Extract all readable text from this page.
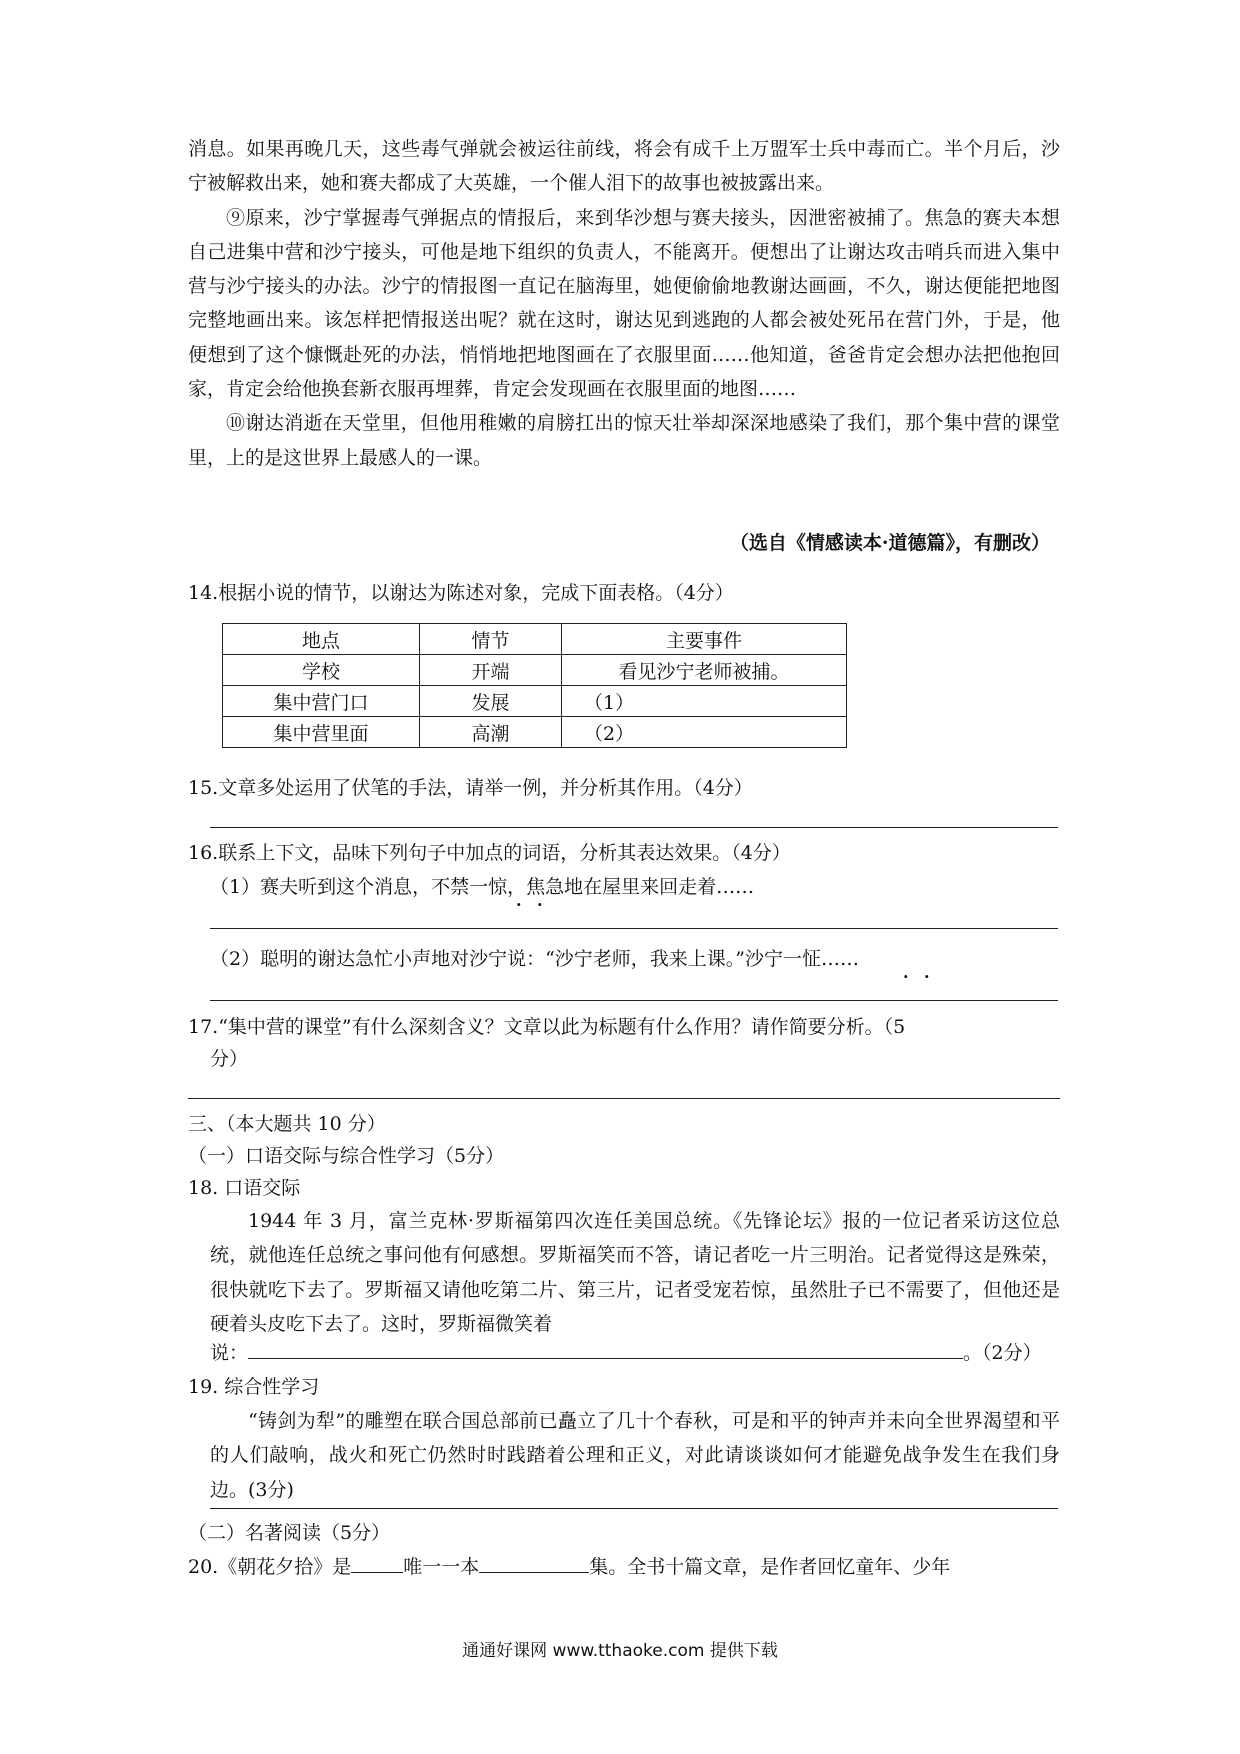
消息。如果再晚几天，这些毒气弹就会被运往前线，将会有成千上万盟军士兵中毒而亡。半个月后，沙宁被解救出来，她和赛夫都成了大英雄，一个催人泪下的故事也被披露出来。

⑨原来，沙宁掌握毒气弹据点的情报后，来到华沙想与赛夫接头，因泄密被捕了。焦急的赛夫本想自己进集中营和沙宁接头，可他是地下组织的负责人，不能离开。便想出了让谢达攻击哨兵而进入集中营与沙宁接头的办法。沙宁的情报图一直记在脑海里，她便偷偷地教谢达画画，不久，谢达便能把地图完整地画出来。该怎样把情报送出呢？就在这时，谢达见到逃跑的人都会被处死吊在营门外，于是，他便想到了这个慷慨赴死的办法，悄悄地把地图画在了衣服里面……他知道，爸爸肯定会想办法把他抱回家，肯定会给他换套新衣服再埋葬，肯定会发现画在衣服里面的地图……

⑩谢达消逝在天堂里，但他用稚嫩的肩膀扛出的惊天壮举却深深地感染了我们，那个集中营的课堂里，上的是这世界上最感人的一课。

（选自《情感读本·道德篇》，有删改）
14.根据小说的情节，以谢达为陈述对象，完成下面表格。（4分）
地点	情节	主要事件
学校	开端	看见沙宁老师被捕。
集中营门口	发展	（1）
集中营里面	高潮	（2）
15.文章多处运用了伏笔的手法，请举一例，并分析其作用。（4分）
16.联系上下文，品味下列句子中加点的词语，分析其表达效果。（4分）
（1）赛夫听到这个消息，不禁一惊，焦急地在屋里来回走着……
· ·
（2）聪明的谢达急忙小声地对沙宁说：“沙宁老师，我来上课。”沙宁一怔……
· ·
17.“集中营的课堂”有什么深刻含义？文章以此为标题有什么作用？请作简要分析。（5
分）
三、（本大题共 10 分）
（一）口语交际与综合性学习（5分）
18. 口语交际

1944 年 3 月，富兰克林·罗斯福第四次连任美国总统。《先锋论坛》报的一位记者采访这位总统，就他连任总统之事问他有何感想。罗斯福笑而不答，请记者吃一片三明治。记者觉得这是殊荣，很快就吃下去了。罗斯福又请他吃第二片、第三片，记者受宠若惊，虽然肚子已不需要了，但他还是硬着头皮吃下去了。这时，罗斯福微笑着

说：	。（2分）
19. 综合性学习

“铸剑为犁”的雕塑在联合国总部前已矗立了几十个春秋，可是和平的钟声并未向全世界渴望和平的人们敲响，战火和死亡仍然时时践踏着公理和正义，对此请谈谈如何才能避免战争发生在我们身边。(3分)

（二）名著阅读（5分）
20.《朝花夕拾》是	唯一一本	集。全书十篇文章，是作者回忆童年、少年
通通好课网 www.tthaoke.com 提供下载
